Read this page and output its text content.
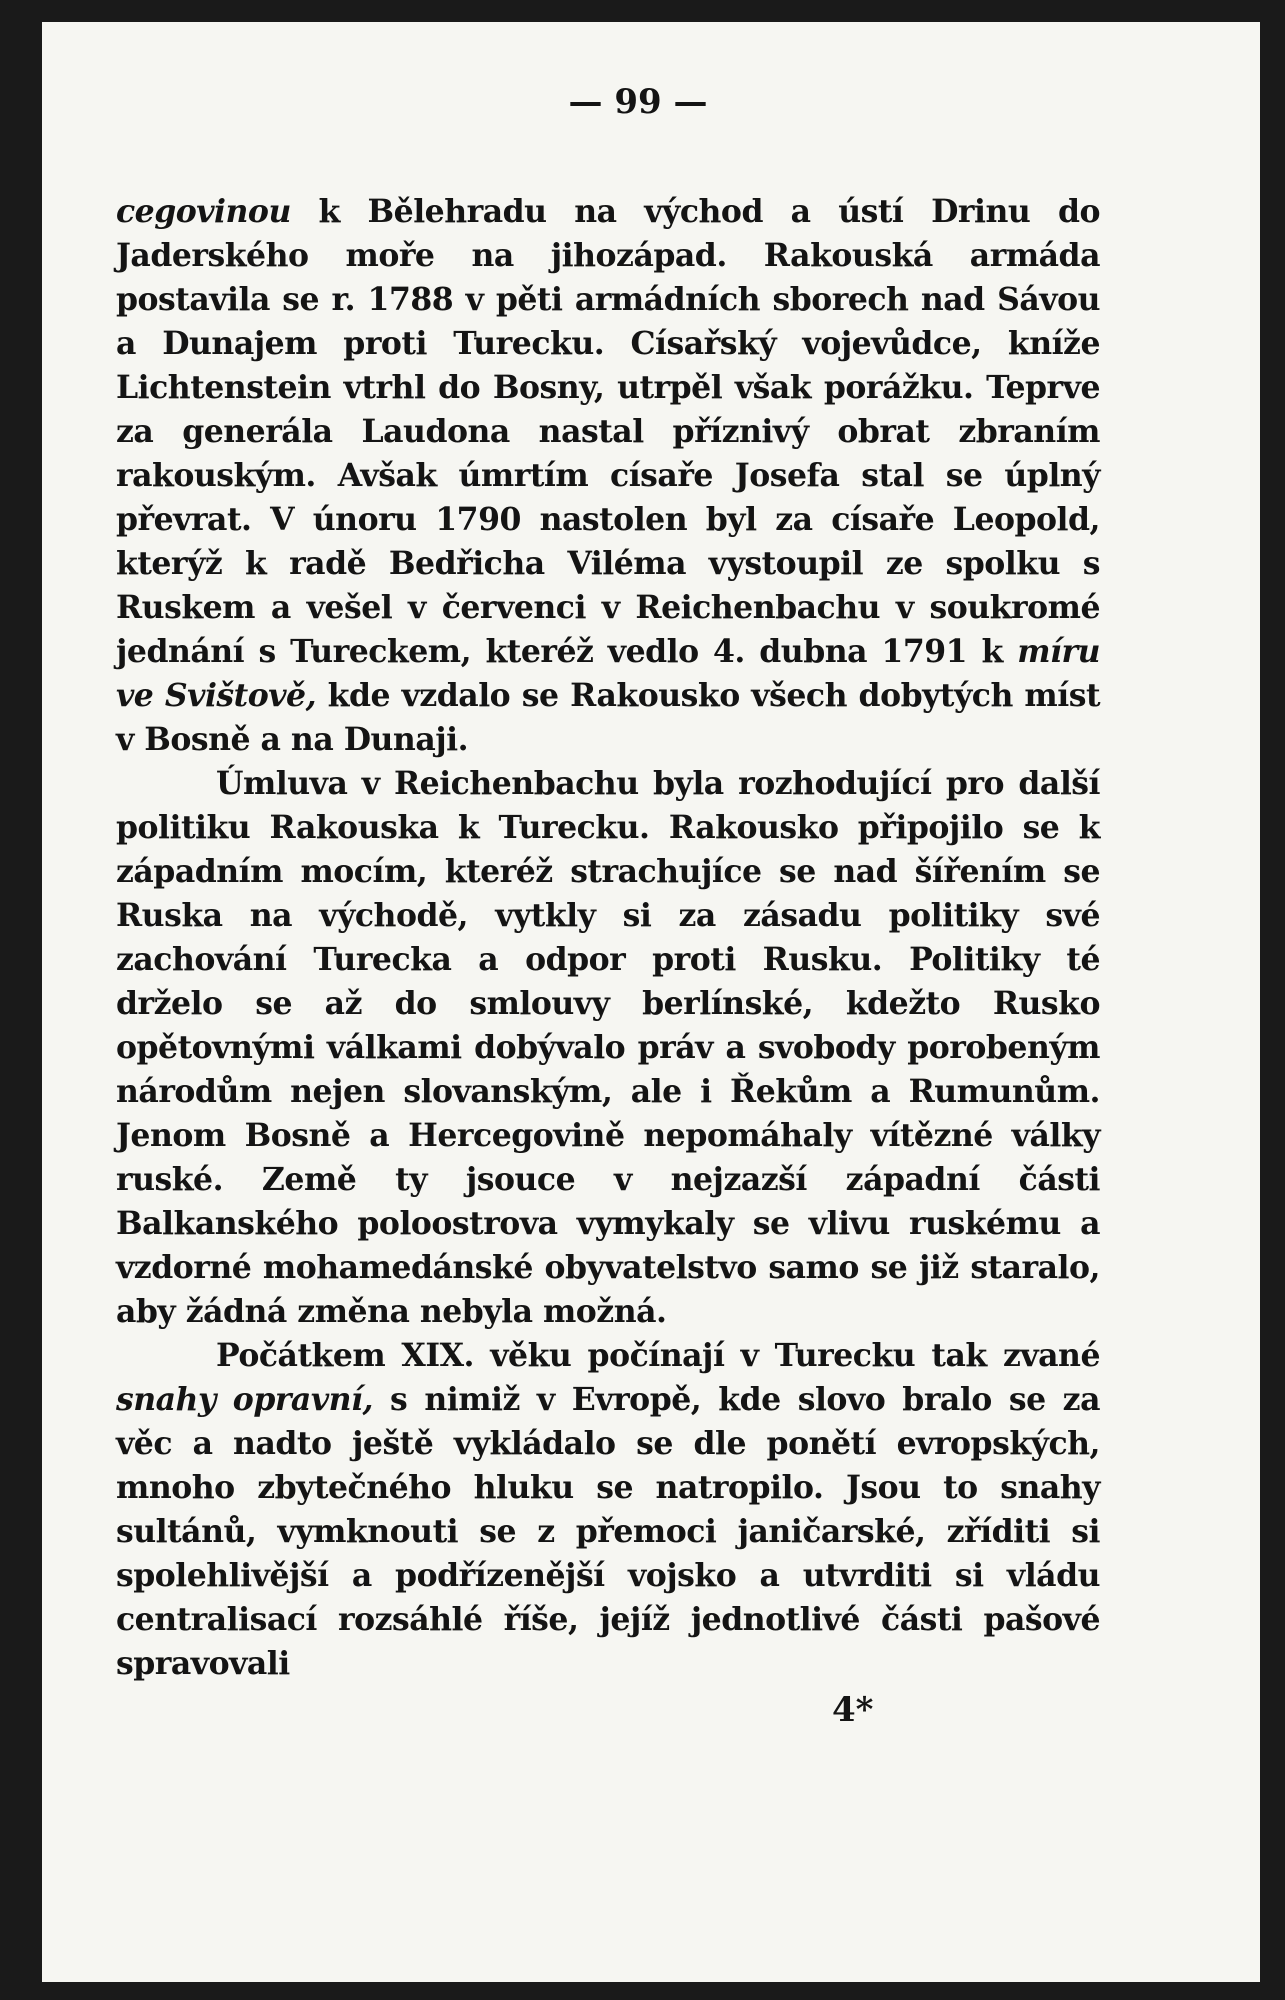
— 99 —

cegovinou k Bělehradu na východ a ústí Drinu do Jaderského moře na jihozápad. Rakouská armáda postavila se r. 1788 v pěti armádních sborech nad Sávou a Dunajem proti Turecku. Císařský vojevůdce, kníže Lichtenstein vtrhl do Bosny, utrpěl však porážku. Teprve za generála Laudona nastal příznivý obrat zbraním rakouským. Avšak úmrtím císaře Josefa stal se úplný převrat. V únoru 1790 nastolen byl za císaře Leopold, kterýž k radě Bedřicha Viléma vystoupil ze spolku s Ruskem a vešel v červenci v Reichenbachu v soukromé jednání s Tureckem, kteréž vedlo 4. dubna 1791 k míru ve Svištově, kde vzdalo se Rakousko všech dobytých míst v Bosně a na Dunaji.

Úmluva v Reichenbachu byla rozhodující pro další politiku Rakouska k Turecku. Rakousko připojilo se k západním mocím, kteréž strachujíce se nad šířením se Ruska na východě, vytkly si za zásadu politiky své zachování Turecka a odpor proti Rusku. Politiky té drželo se až do smlouvy berlínské, kdežto Rusko opětovnými válkami dobývalo práv a svobody porobeným národům nejen slovanským, ale i Řekům a Rumunům. Jenom Bosně a Hercegovině nepomáhaly vítězné války ruské. Země ty jsouce v nejzazší západní části Balkanského poloostrova vymykaly se vlivu ruskému a vzdorné mohamedánské obyvatelstvo samo se již staralo, aby žádná změna nebyla možná.

Počátkem XIX. věku počínají v Turecku tak zvané snahy opravní, s nimiž v Evropě, kde slovo bralo se za věc a nadto ještě vykládalo se dle ponětí evropských, mnoho zbytečného hluku se natropilo. Jsou to snahy sultánů, vymknouti se z přemoci janičarské, zříditi si spolehlivější a podřízenější vojsko a utvrditi si vládu centralisací rozsáhlé říše, jejíž jednotlivé části pašové spravovali

4*
